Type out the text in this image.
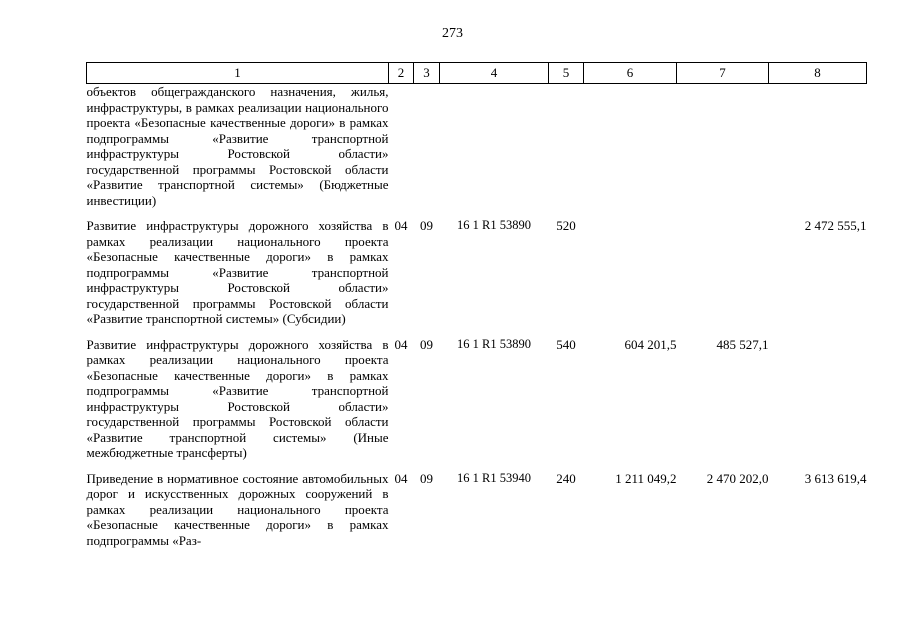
273
1	2	3	4	5	6	7	8
объектов общегражданского назначения, жилья, инфраструктуры, в рамках реализации национального проекта «Безопасные качественные дороги» в рамках подпрограммы «Развитие транспортной инфраструктуры Ростовской области» государственной программы Ростовской области «Развитие транспортной системы» (Бюджетные инвестиции)							
Развитие инфраструктуры дорожного хозяйства в рамках реализации национального проекта «Безопасные качественные дороги» в рамках подпрограммы «Развитие транспортной инфраструктуры Ростовской области» государственной программы Ростовской области «Развитие транспортной системы» (Субсидии)	04	09	16 1 R1 53890	520			2 472 555,1
Развитие инфраструктуры дорожного хозяйства в рамках реализации национального проекта «Безопасные качественные дороги» в рамках подпрограммы «Развитие транспортной инфраструктуры Ростовской области» государственной программы Ростовской области «Развитие транспортной системы» (Иные межбюджетные трансферты)	04	09	16 1 R1 53890	540	604 201,5	485 527,1	
Приведение в нормативное состояние автомобильных дорог и искусственных дорожных сооружений в рамках реализации национального проекта «Безопасные качественные дороги» в рамках подпрограммы «Раз-	04	09	16 1 R1 53940	240	1 211 049,2	2 470 202,0	3 613 619,4
